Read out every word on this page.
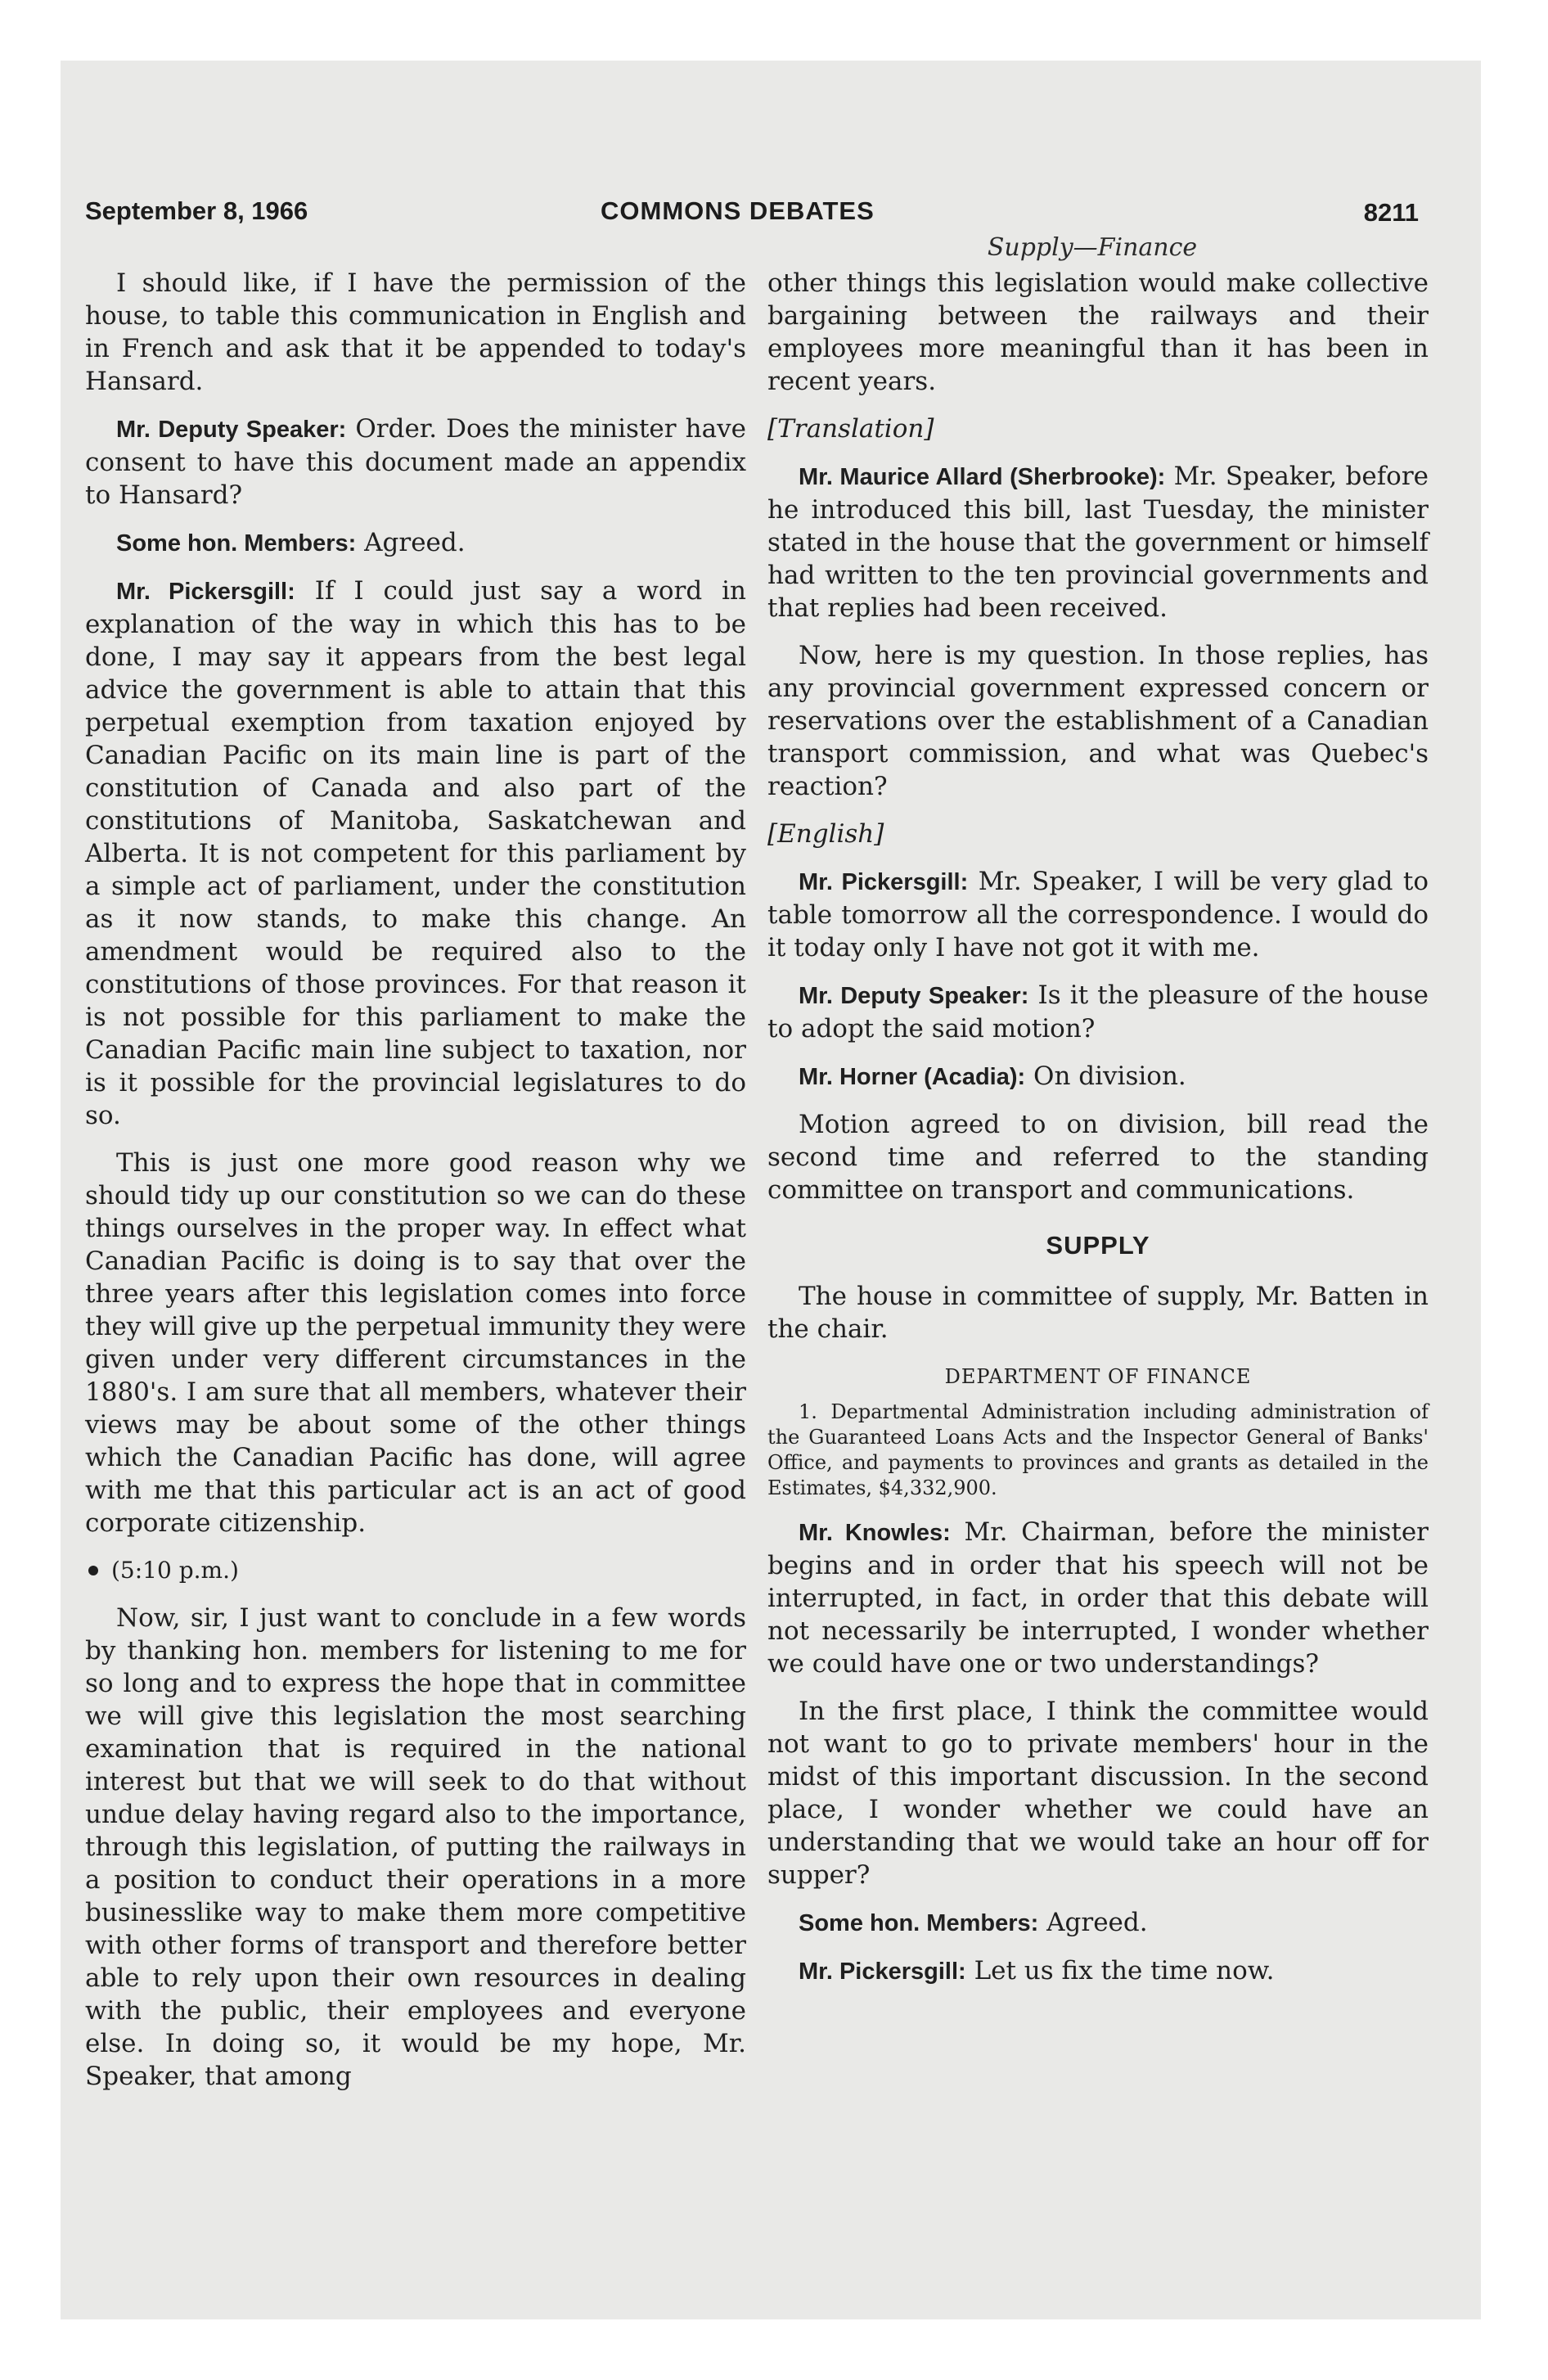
September 8, 1966	COMMONS DEBATES	8211
Supply—Finance

I should like, if I have the permission of the house, to table this communication in English and in French and ask that it be appended to today's Hansard.

Mr. Deputy Speaker: Order. Does the minister have consent to have this document made an appendix to Hansard?

Some hon. Members: Agreed.

Mr. Pickersgill: If I could just say a word in explanation of the way in which this has to be done, I may say it appears from the best legal advice the government is able to attain that this perpetual exemption from taxation enjoyed by Canadian Pacific on its main line is part of the constitution of Canada and also part of the constitutions of Manitoba, Saskatchewan and Alberta. It is not competent for this parliament by a simple act of parliament, under the constitution as it now stands, to make this change. An amendment would be required also to the constitutions of those provinces. For that reason it is not possible for this parliament to make the Canadian Pacific main line subject to taxation, nor is it possible for the provincial legislatures to do so.

This is just one more good reason why we should tidy up our constitution so we can do these things ourselves in the proper way. In effect what Canadian Pacific is doing is to say that over the three years after this legislation comes into force they will give up the perpetual immunity they were given under very different circumstances in the 1880's. I am sure that all members, whatever their views may be about some of the other things which the Canadian Pacific has done, will agree with me that this particular act is an act of good corporate citizenship.

(5:10 p.m.)

Now, sir, I just want to conclude in a few words by thanking hon. members for listening to me for so long and to express the hope that in committee we will give this legislation the most searching examination that is required in the national interest but that we will seek to do that without undue delay having regard also to the importance, through this legislation, of putting the railways in a position to conduct their operations in a more businesslike way to make them more competitive with other forms of transport and therefore better able to rely upon their own resources in dealing with the public, their employees and everyone else. In doing so, it would be my hope, Mr. Speaker, that among

other things this legislation would make collective bargaining between the railways and their employees more meaningful than it has been in recent years.

[Translation]

Mr. Maurice Allard (Sherbrooke): Mr. Speaker, before he introduced this bill, last Tuesday, the minister stated in the house that the government or himself had written to the ten provincial governments and that replies had been received.

Now, here is my question. In those replies, has any provincial government expressed concern or reservations over the establishment of a Canadian transport commission, and what was Quebec's reaction?

[English]

Mr. Pickersgill: Mr. Speaker, I will be very glad to table tomorrow all the correspondence. I would do it today only I have not got it with me.

Mr. Deputy Speaker: Is it the pleasure of the house to adopt the said motion?

Mr. Horner (Acadia): On division.

Motion agreed to on division, bill read the second time and referred to the standing committee on transport and communications.

SUPPLY

The house in committee of supply, Mr. Batten in the chair.

DEPARTMENT OF FINANCE

1. Departmental Administration including administration of the Guaranteed Loans Acts and the Inspector General of Banks' Office, and payments to provinces and grants as detailed in the Estimates, $4,332,900.

Mr. Knowles: Mr. Chairman, before the minister begins and in order that his speech will not be interrupted, in fact, in order that this debate will not necessarily be interrupted, I wonder whether we could have one or two understandings?

In the first place, I think the committee would not want to go to private members' hour in the midst of this important discussion. In the second place, I wonder whether we could have an understanding that we would take an hour off for supper?

Some hon. Members: Agreed.

Mr. Pickersgill: Let us fix the time now.
